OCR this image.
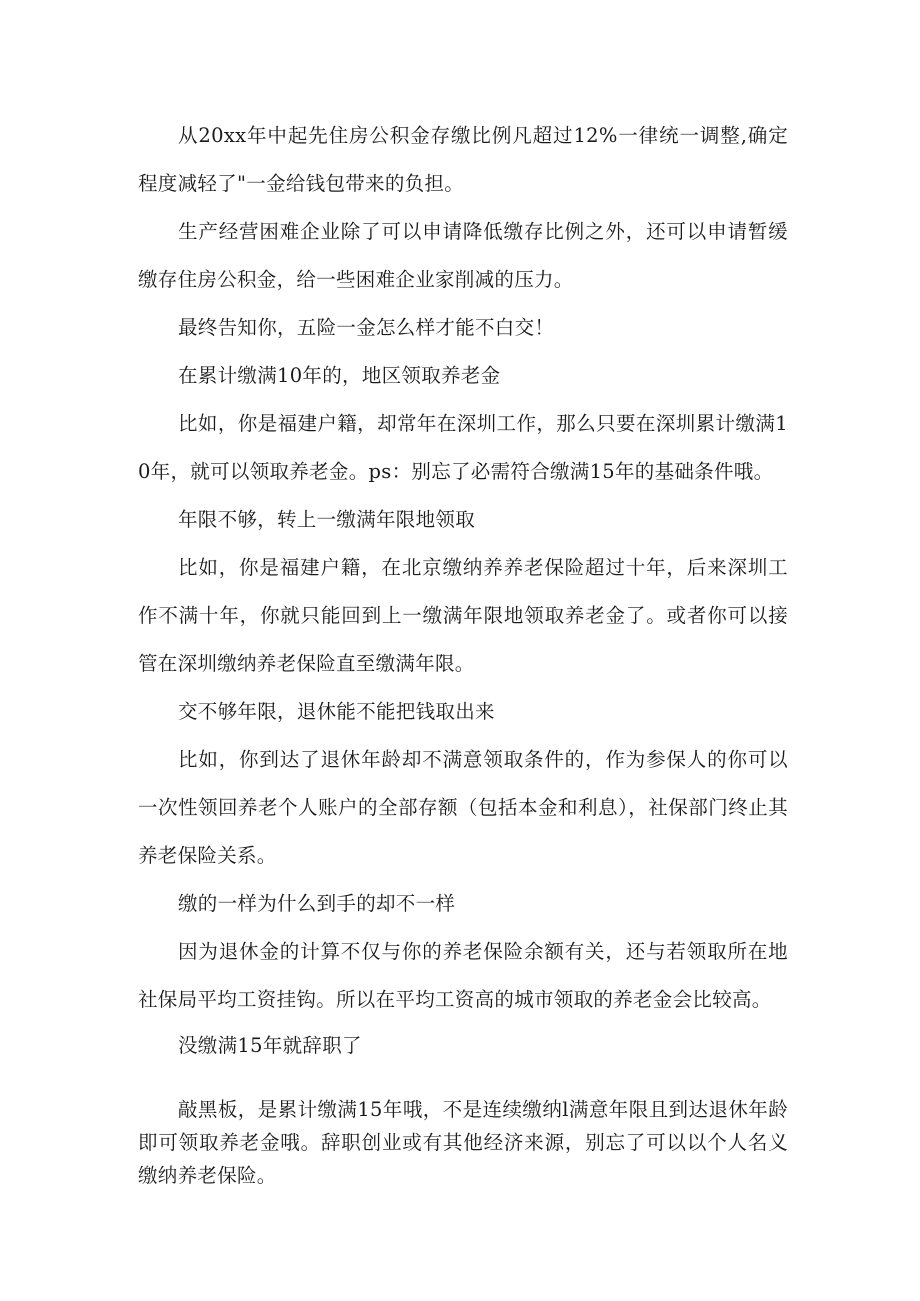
从20xx年中起先住房公积金存缴比例凡超过12%一律统一调整,确定程度减轻了"一金给钱包带来的负担。

生产经营困难企业除了可以申请降低缴存比例之外，还可以申请暂缓缴存住房公积金，给一些困难企业家削减的压力。

最终告知你，五险一金怎么样才能不白交！

在累计缴满10年的，地区领取养老金

比如，你是福建户籍，却常年在深圳工作，那么只要在深圳累计缴满10年，就可以领取养老金。ps：别忘了必需符合缴满15年的基础条件哦。

年限不够，转上一缴满年限地领取

比如，你是福建户籍，在北京缴纳养养老保险超过十年，后来深圳工作不满十年，你就只能回到上一缴满年限地领取养老金了。或者你可以接管在深圳缴纳养老保险直至缴满年限。

交不够年限，退休能不能把钱取出来

比如，你到达了退休年龄却不满意领取条件的，作为参保人的你可以一次性领回养老个人账户的全部存额（包括本金和利息），社保部门终止其养老保险关系。

缴的一样为什么到手的却不一样

因为退休金的计算不仅与你的养老保险余额有关，还与若领取所在地社保局平均工资挂钩。所以在平均工资高的城市领取的养老金会比较高。

没缴满15年就辞职了

敲黑板，是累计缴满15年哦，不是连续缴纳l满意年限且到达退休年龄即可领取养老金哦。辞职创业或有其他经济来源，别忘了可以以个人名义缴纳养老保险。
